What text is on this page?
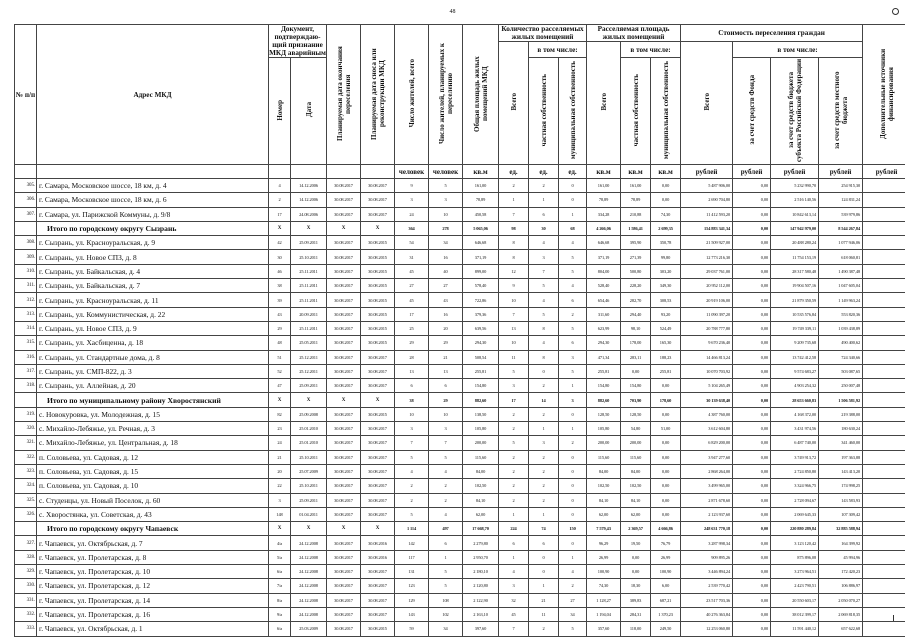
48
№ п/п	Адрес МКД	Документ, подтверждаю-щий признание МКД аварийным		Планируемая дата окончания переселения	Планируемая дата сноса или реконструкции МКД	Число жителей, всего	Число жителей, планируемых к переселению	Общая площадь жилых помещений МКД	Количество расселяемых жилых помещений			Расселяемая площадь жилых помещений			Стоимость переселения граждан				Дополнительные источники финансирования
									Всего	в том числе:		Всего	в том числе:		Всего	в том числе:			
		Номер	Дата							частная собственность	муниципальная собственность		частная собственность	муниципальная собственность		за счет средств Фонда	за счет средств бюджета субъекта Российской Федерации	за счет средств местного бюджета	
						человек	человек	кв.м	ед.	ед.	ед.	кв.м	кв.м	кв.м	рублей	рублей	рублей	рублей	рублей
305.	г. Самара, Московское шоссе, 18 км, д. 4	4	14.12.2006	30.08.2017	30.08.2017	9	5	161,00	2	2	0	161,00	161,00	0,00	5 487 906,00	0,00	5 232 990,70	254 915,30	
306.	г. Самара, Московское шоссе, 18 км, д. 6	2	14.12.2006	30.08.2017	30.08.2017	3	3	78,89	1	1	0	78,89	78,89	0,00	2 690 704,80	0,00	2 516 140,56	124 831,24	
307.	г. Самара, ул. Парижской Коммуны, д. 9/8	17	24.08.2006	30.08.2017	30.08.2017	24	10	450,58	7	6	1	334,28	210,88	74,30	11 412 593,20	0,00	10 842 613,14	539 979,86	
	Итого по городскому округу Сызрань	X	X	X	X	364	278	5 065,06	98	30	68	4 266,06	1 586,41	2 699,35	154 883 341,34	0,00	147 942 979,00	8 544 267,84	
308.	г. Сызрань, ул. Красноуральская, д. 9	42	25.09.2011	30.08.2017	30.08.2015	54	34	646,68	8	4	4	646,68	395,90	350,78	21 509 927,00	0,00	20 488 280,24	1 077 946,06	
309.	г. Сызрань, ул. Новое СПЗ, д. 8	30	25.10.2011	30.08.2017	30.08.2015	31	16	371,19	8	3	5	371,19	271,39	99,80	12 773 216,30	0,00	11 754 153,19	618 060,81	
310.	г. Сызрань, ул. Байкальская, д. 4	46	25.11.2011	30.08.2017	30.08.2015	45	40	899,00	12	7	5	804,00	500,80	303,20	29 037 761,00	0,00	28 317 580,48	1 490 387,48	
311.	г. Сызрань, ул. Байкальская, д. 7	38	25.11.2011	30.08.2017	30.08.2015	27	27	578,40	9	5	4	528,40	228,20	349,30	20 952 112,00	0,00	19 904 507,16	1 047 605,04	
312.	г. Сызрань, ул. Красноуральская, д. 11	39	25.11.2011	30.08.2017	30.08.2015	45	43	722,86	10	4	6	654,46	282,70	308,53	20 919 106,00	0,00	21 879 350,59	1 149 963,24	
313.	г. Сызрань, ул. Коммунистическая, д. 22	43	20.09.2011	30.08.2017	30.08.2015	17	16	379,36	7	5	2	311,60	294,40	93,20	11 090 397,20	0,00	10 535 576,84	553 820,36	
314.	г. Сызрань, ул. Новое СПЗ, д. 9	29	25.11.2011	30.08.2017	30.08.2015	25	20	639,56	13	8	5	623,99	98,10	524,49	20 788 777,80	0,00	19 749 339,11	1 039 438,89	
315.	г. Сызрань, ул. Хасбиценна, д. 18	48	25.05.2011	30.08.2017	30.08.2015	29	29	294,30	10	4	6	294,30	178,00	165,30	9 670 236,40	0,00	9 209 735,68	490 400,62	
316.	г. Сызрань, ул. Стандартные дома, д. 8	51	25.12.2011	30.08.2017	30.08.2017	28	21	508,54	11	8	3	471,34	283,11	188,23	14 466 813,24	0,00	13 742 412,58	724 340,66	
317.	г. Сызрань, ул. СМП-822, д. 3	52	25.12.2011	30.08.2017	30.08.2017	13	13	255,81	5	0	5	255,81	0,00	255,81	10 070 703,92	0,00	9 574 683,27	503 087,65	
318.	г. Сызрань, ул. Аллейная, д. 20	47	25.09.2011	30.08.2017	30.08.2017	6	6	154,80	3	2	1	154,80	154,80	0,00	5 104 265,49	0,00	4 903 254,32	250 007,48	
	Итого по муниципальному району Хворостянский	X	X	X	X	38	29	882,60	17	14	3	882,60	703,90	178,60	30 139 638,40	0,00	28 653 660,83	1 506 581,92	
319.	с. Новокуровка, ул. Молодежная, д. 15	82	25.09.2008	30.08.2017	30.08.2015	10	10	138,50	2	2	0	128,50	128,50	0,00	4 387 760,00	0,00	4 168 372,00	219 388,00	
320.	с. Михайло-Лебяжье, ул. Речная, д. 3	23	25.01.2010	30.08.2017	30.08.2017	3	3	105,80	2	1	1	105,80	54,80	51,00	3 612 604,80	0,00	3 431 974,56	180 630,24	
321.	с. Михайло-Лебяжье, ул. Центральная, д. 18	24	25.01.2010	30.08.2017	30.08.2017	7	7	200,00	5	3	2	200,00	200,00	0,00	6 829 200,00	0,00	6 487 740,00	341 460,00	
322.	п. Соловьева, ул. Садовая, д. 12	21	25.10.2011	30.08.2017	30.08.2017	5	5	115,60	2	2	0	115,60	115,60	0,00	3 947 277,60	0,00	3 749 913,72	197 363,88	
323.	п. Соловьева, ул. Садовая, д. 15	20	25.07.2009	30.08.2017	30.08.2017	4	4	84,00	2	2	0	84,00	84,00	0,00	2 868 264,00	0,00	2 724 850,80	143 413,20	
324.	п. Соловьева, ул. Садовая, д. 10	22	25.10.2011	30.08.2017	30.08.2017	2	2	102,50	2	2	0	102,50	102,50	0,00	3 499 965,00	0,00	3 324 966,75	174 998,25	
325.	с. Студенцы, ул. Новый Поселок, д. 60	3	25.09.2011	30.08.2017	30.08.2017	2	2	84,10	2	2	0	84,10	84,10	0,00	2 871 678,60	0,00	2 728 094,67	143 583,93	
326.	с. Хворостянка, ул. Советская, д. 43	148	01.04.2011	30.08.2017	30.08.2017	5	4	62,00	1	1	0	62,00	62,00	0,00	2 123 937,60	0,00	2 069 645,33	107 309,42	
	Итого по городскому округу Чапаевск	X	X	X	X	1 114	497	17 668,70	224	74	150	7 579,43	2 369,57	4 666,86	248 631 770,18	0,00	220 880 289,84	32 885 588,94	
327.	г. Чапаевск, ул. Октябрьская, д. 7	4/а	24.12.2008	30.08.2017	30.08.2016	142	6	2 279,80	6	6	0	96,29	19,50	76,79	3 287 998,34	0,00	3 123 120,42	164 399,92	
328.	г. Чапаевск, ул. Пролетарская, д. 8	5/а	24.12.2008	30.08.2017	30.08.2016	117	1	2 950,70	1	0	1	26,99	0,00	26,99	909 895,26	0,00	875 896,08	45 994,96	
329.	г. Чапаевск, ул. Пролетарская, д. 10	6/а	24.12.2008	30.08.2017	30.08.2017	131	5	2 180,10	4	0	4	100,90	0,00	100,90	3 446 894,24	0,00	3 273 964,51	172 420,23	
330.	г. Чапаевск, ул. Пролетарская, д. 12	7/а	24.12.2008	30.08.2017	30.08.2017	123	5	2 120,80	3	1	2	74,30	18,30	6,00	2 539 770,42	0,00	2 423 790,51	106 886,97	
331.	г. Чапаевск, ул. Пролетарская, д. 14	8/а	24.12.2008	30.08.2017	30.08.2017	129	108	2 122,90	32	21	27	1 128,27	389,83	687,21	23 517 703,36	0,00	20 550 603,17	2 050 070,27	
332.	г. Чапаевск, ул. Пролетарская, д. 16	9/а	24.12.2008	30.08.2017	30.08.2017	143	102	2 163,10	45	11	34	1 194,04	284,31	1 370,23	40 276 363,84	0,00	38 012 399,17	2 069 818,35	
333.	г. Чапаевск, ул. Октябрьская, д. 1	6/а	25.03.2009	30.08.2017	30.08.2015	59	34	397,60	7	2	5	357,60	118,00	249,50	12 253 060,80	0,00	11 591 440,12	657 622,68	
